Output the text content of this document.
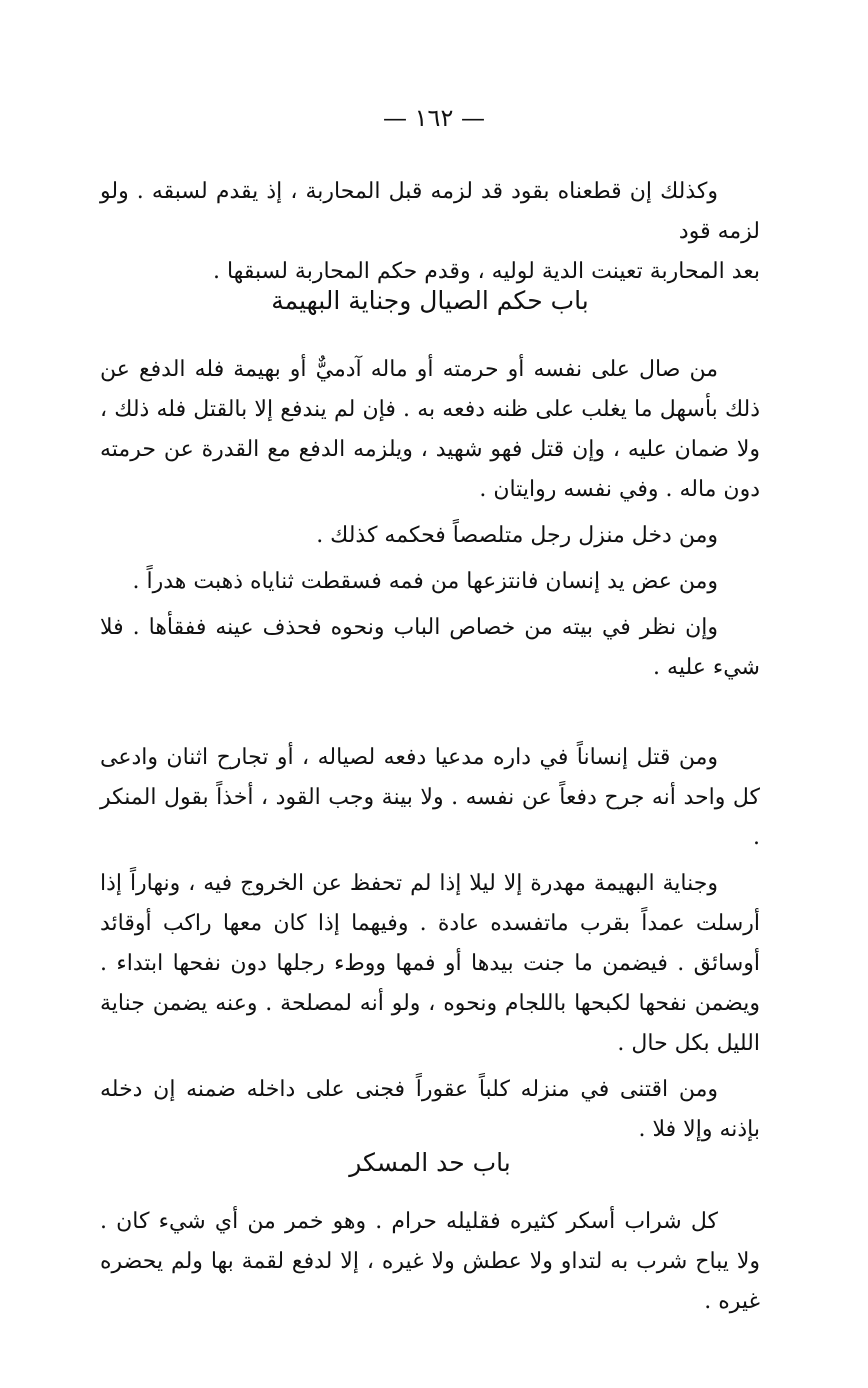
— ١٦٢ —

وكذلك إن قطعناه بقود قد لزمه قبل المحاربة ، إذ يقدم لسبقه . ولو لزمه قود

بعد المحاربة تعينت الدية لوليه ، وقدم حكم المحاربة لسبقها .

باب حكم الصيال وجناية البهيمة

من صال على نفسه أو حرمته أو ماله آدميٌّ أو بهيمة فله الدفع عن ذلك بأسهل ما يغلب على ظنه دفعه به . فإن لم يندفع إلا بالقتل فله ذلك ، ولا ضمان عليه ، وإن قتل فهو شهيد ، ويلزمه الدفع مع القدرة عن حرمته دون ماله . وفي نفسه روايتان .

ومن دخل منزل رجل متلصصاً فحكمه كذلك .

ومن عض يد إنسان فانتزعها من فمه فسقطت ثناياه ذهبت هدراً .

وإن نظر في بيته من خصاص الباب ونحوه فحذف عينه ففقأها . فلا شيء عليه .

ومن قتل إنساناً في داره مدعيا دفعه لصياله ، أو تجارح اثنان وادعى كل واحد أنه جرح دفعاً عن نفسه . ولا بينة وجب القود ، أخذاً بقول المنكر .

وجناية البهيمة مهدرة إلا ليلا إذا لم تحفظ عن الخروج فيه ، ونهاراً إذا أرسلت عمداً بقرب ماتفسده عادة . وفيهما إذا كان معها راكب أوقائد أوسائق . فيضمن ما جنت بيدها أو فمها ووطء رجلها دون نفحها ابتداء . ويضمن نفحها لكبحها باللجام ونحوه ، ولو أنه لمصلحة . وعنه يضمن جناية الليل بكل حال .

ومن اقتنى في منزله كلباً عقوراً فجنى على داخله ضمنه إن دخله بإذنه وإلا فلا .

باب حد المسكر

كل شراب أسكر كثيره فقليله حرام . وهو خمر من أي شيء كان . ولا يباح شرب به لتداو ولا عطش ولا غيره ، إلا لدفع لقمة بها ولم يحضره غيره .
